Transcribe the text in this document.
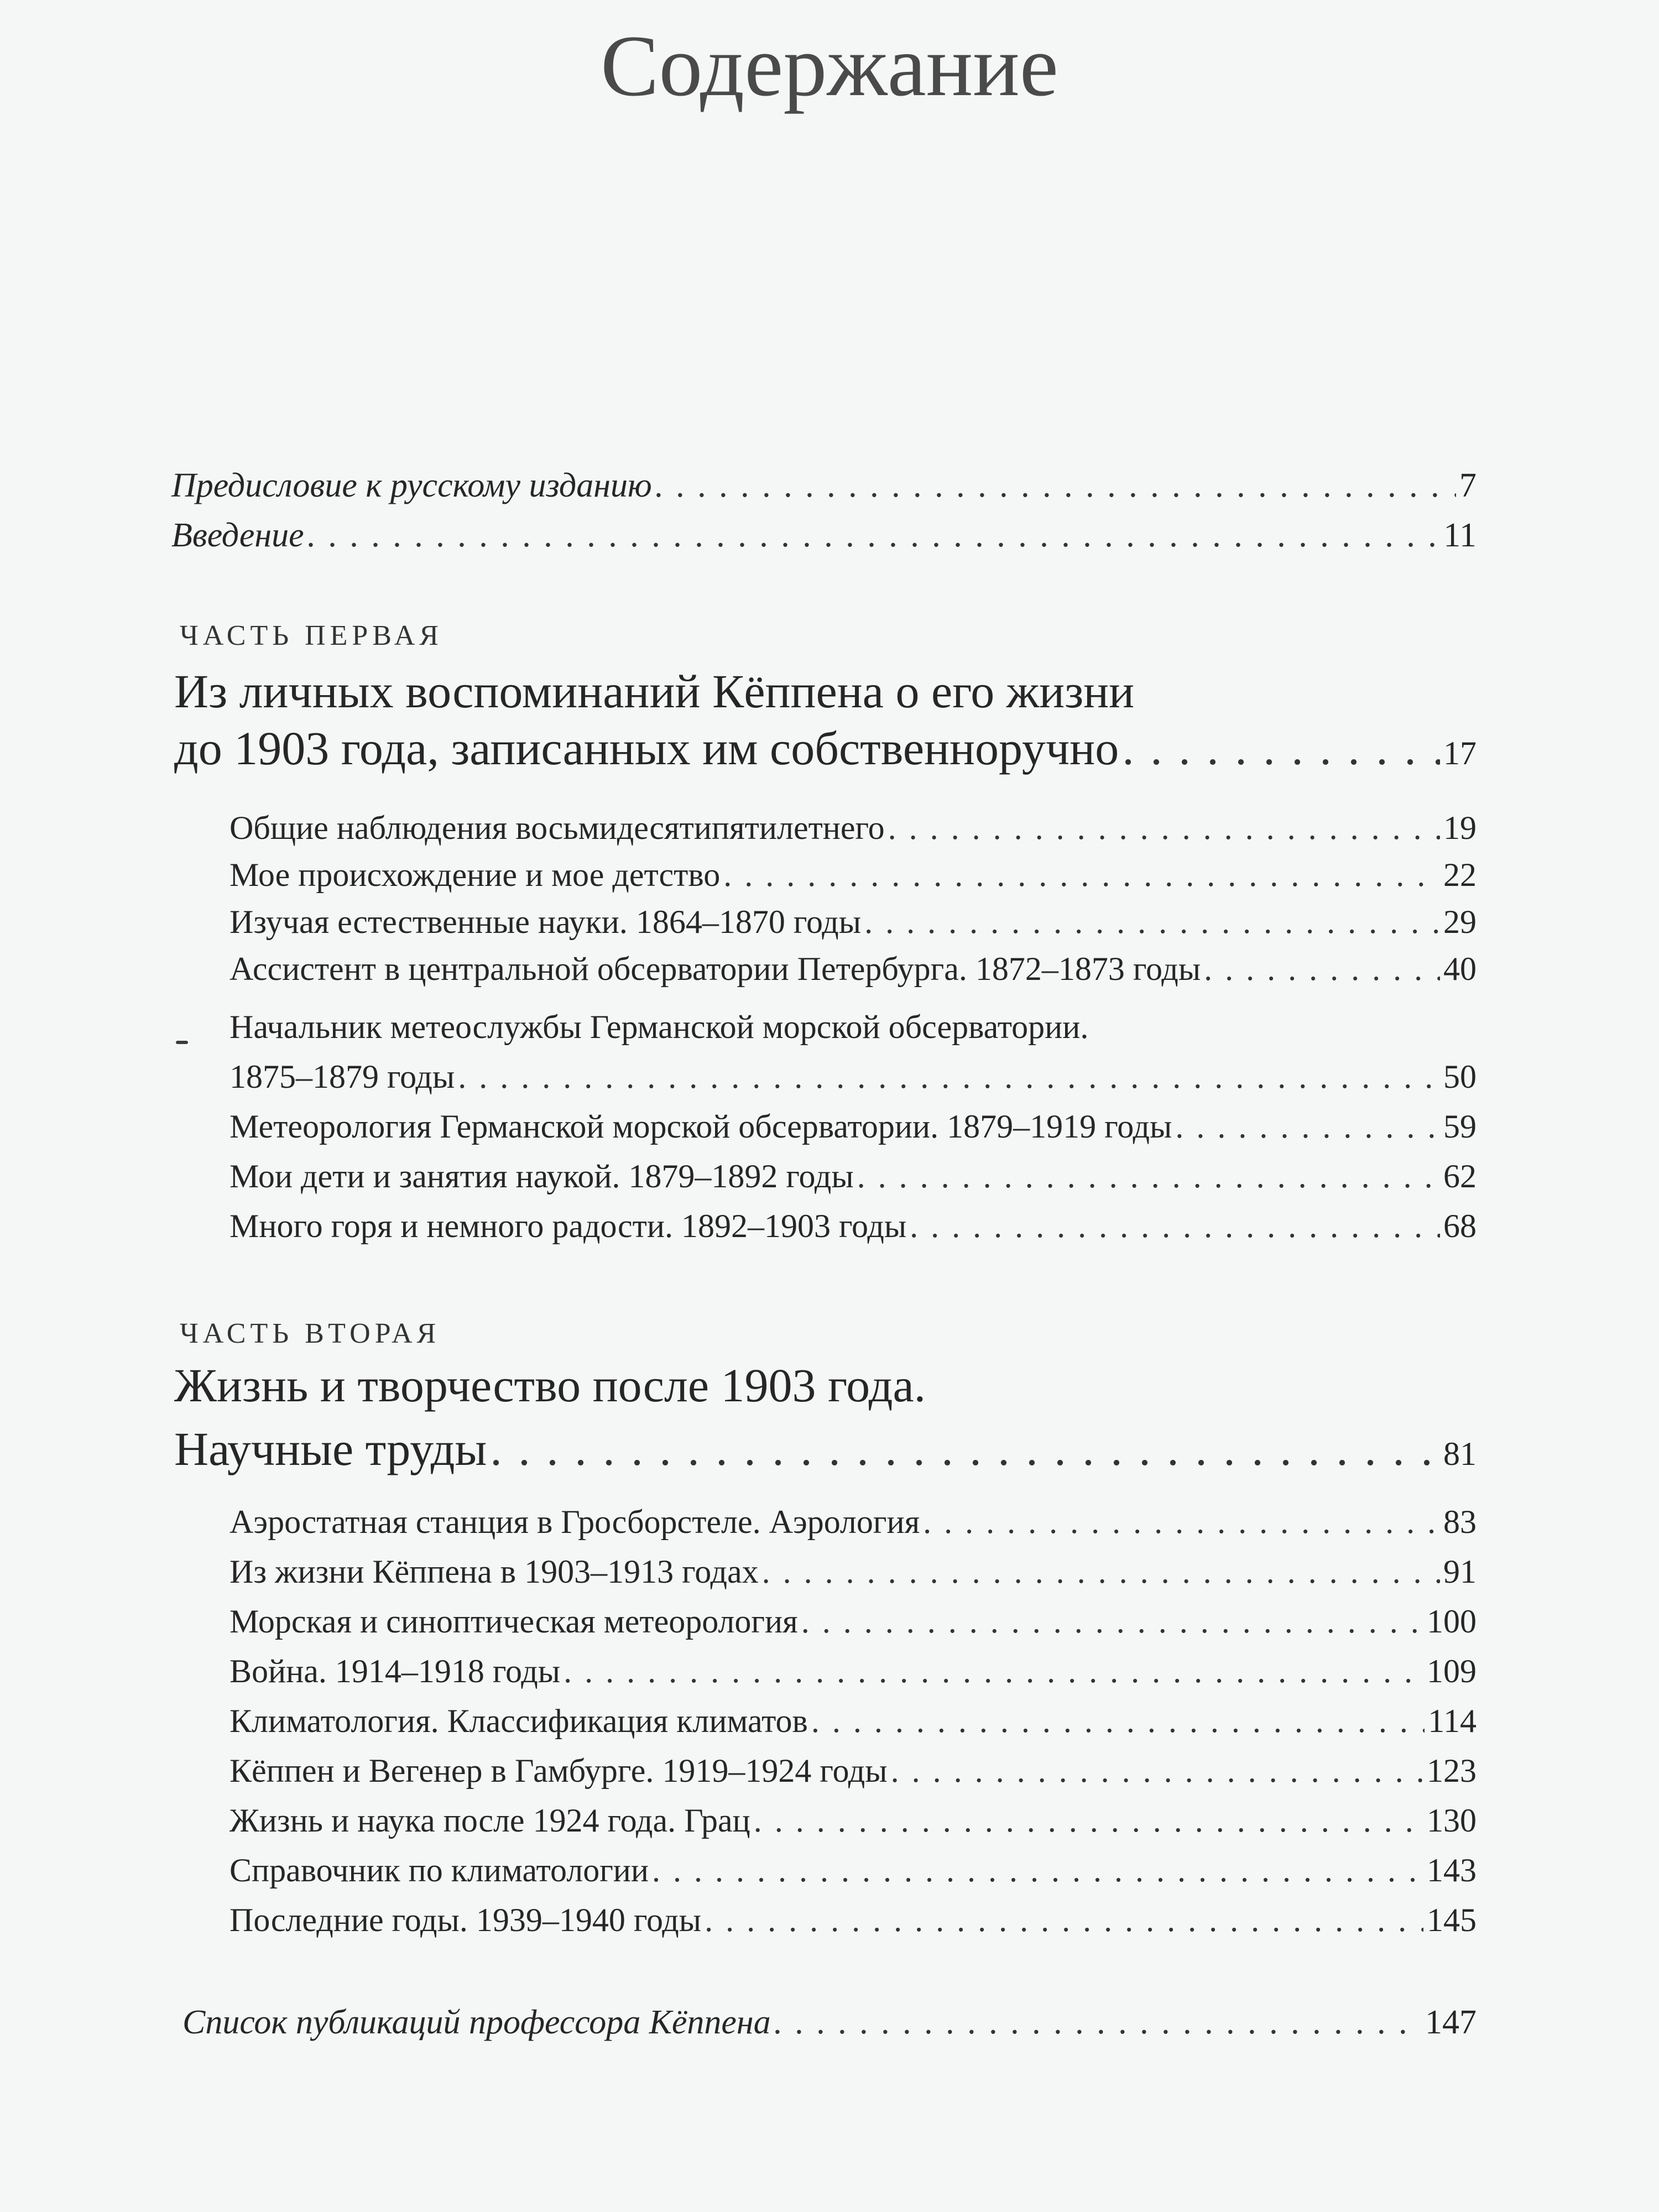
Содержание
Предисловие к русскому изданию . . .	7
Введение . . .	11
ЧАСТЬ ПЕРВАЯ
Из личных воспоминаний Кёппена о его жизни
до 1903 года, записанных им собственноручно . . .	17
Общие наблюдения восьмидесятипятилетнего . . .	19
Мое происхождение и мое детство . . .	22
Изучая естественные науки. 1864–1870 годы . . .	29
Ассистент в центральной обсерватории Петербурга. 1872–1873 годы . . .	40
Начальник метеослужбы Германской морской обсерватории.
1875–1879 годы . . .	50
Метеорология Германской морской обсерватории. 1879–1919 годы . . .	59
Мои дети и занятия наукой. 1879–1892 годы . . .	62
Много горя и немного радости. 1892–1903 годы . . .	68
ЧАСТЬ ВТОРАЯ
Жизнь и творчество после 1903 года.
Научные труды . . .	81
Аэростатная станция в Гросборстеле. Аэрология . . .	83
Из жизни Кёппена в 1903–1913 годах . . .	91
Морская и синоптическая метеорология . . .	100
Война. 1914–1918 годы . . .	109
Климатология. Классификация климатов . . .	114
Кёппен и Вегенер в Гамбурге. 1919–1924 годы . . .	123
Жизнь и наука после 1924 года. Грац . . .	130
Справочник по климатологии . . .	143
Последние годы. 1939–1940 годы . . .	145
Список публикаций профессора Кёппена . . .	147
